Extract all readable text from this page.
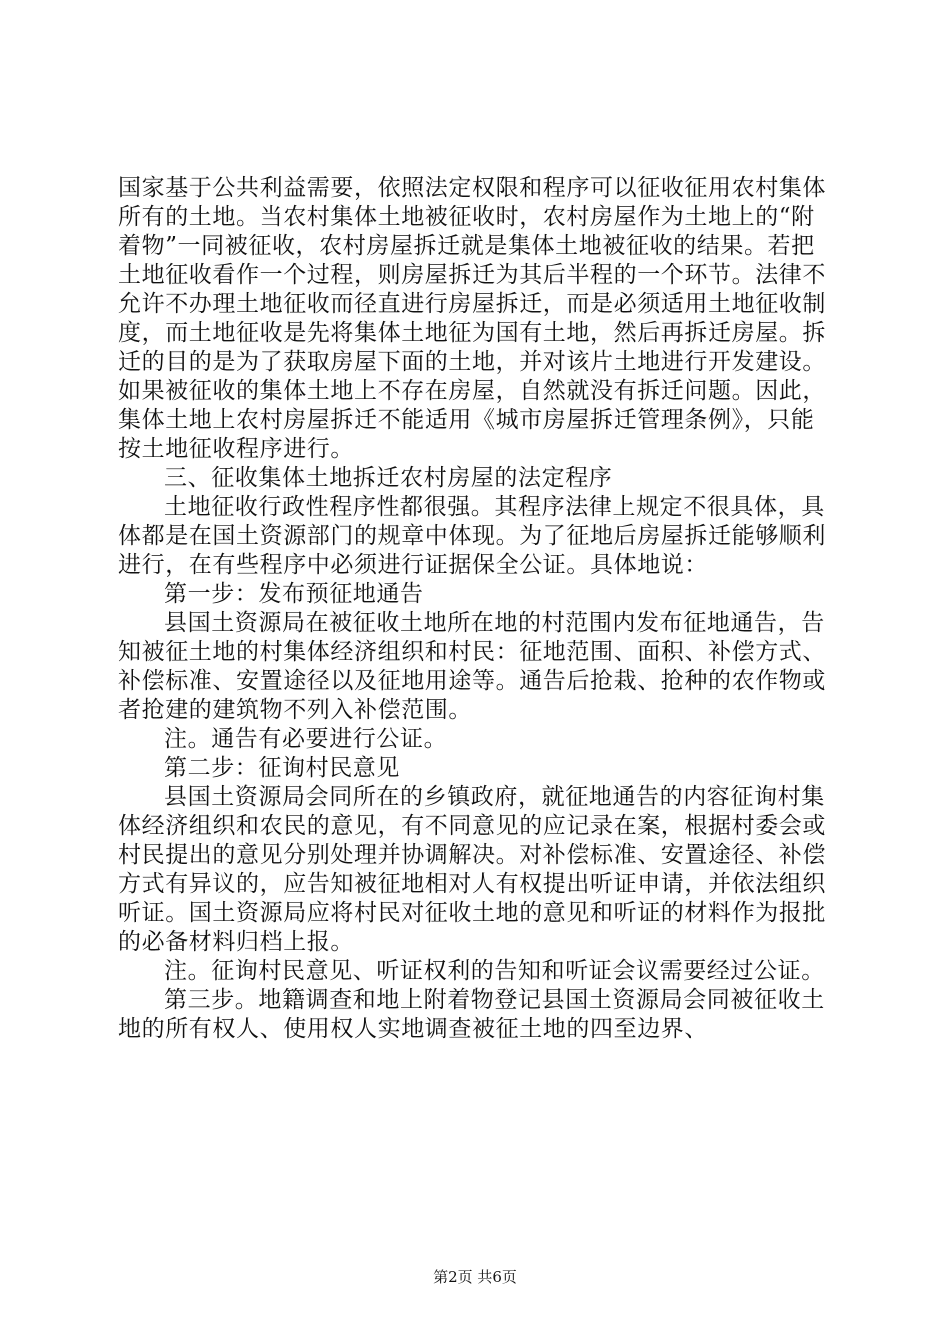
国家基于公共利益需要，依照法定权限和程序可以征收征用农村集体所有的土地。当农村集体土地被征收时，农村房屋作为土地上的“附着物”一同被征收，农村房屋拆迁就是集体土地被征收的结果。若把土地征收看作一个过程，则房屋拆迁为其后半程的一个环节。法律不允许不办理土地征收而径直进行房屋拆迁，而是必须适用土地征收制度，而土地征收是先将集体土地征为国有土地，然后再拆迁房屋。拆迁的目的是为了获取房屋下面的土地，并对该片土地进行开发建设。如果被征收的集体土地上不存在房屋，自然就没有拆迁问题。因此，集体土地上农村房屋拆迁不能适用《城市房屋拆迁管理条例》，只能按土地征收程序进行。

三、征收集体土地拆迁农村房屋的法定程序

土地征收行政性程序性都很强。其程序法律上规定不很具体，具体都是在国土资源部门的规章中体现。为了征地后房屋拆迁能够顺利进行，在有些程序中必须进行证据保全公证。具体地说：

第一步：发布预征地通告

县国土资源局在被征收土地所在地的村范围内发布征地通告，告知被征土地的村集体经济组织和村民：征地范围、面积、补偿方式、补偿标准、安置途径以及征地用途等。通告后抢栽、抢种的农作物或者抢建的建筑物不列入补偿范围。

注。通告有必要进行公证。

第二步：征询村民意见

县国土资源局会同所在的乡镇政府，就征地通告的内容征询村集体经济组织和农民的意见，有不同意见的应记录在案，根据村委会或村民提出的意见分别处理并协调解决。对补偿标准、安置途径、补偿方式有异议的，应告知被征地相对人有权提出听证申请，并依法组织听证。国土资源局应将村民对征收土地的意见和听证的材料作为报批的必备材料归档上报。

注。征询村民意见、听证权利的告知和听证会议需要经过公证。

第三步。地籍调查和地上附着物登记县国土资源局会同被征收土地的所有权人、使用权人实地调查被征土地的四至边界、

第2页 共6页
